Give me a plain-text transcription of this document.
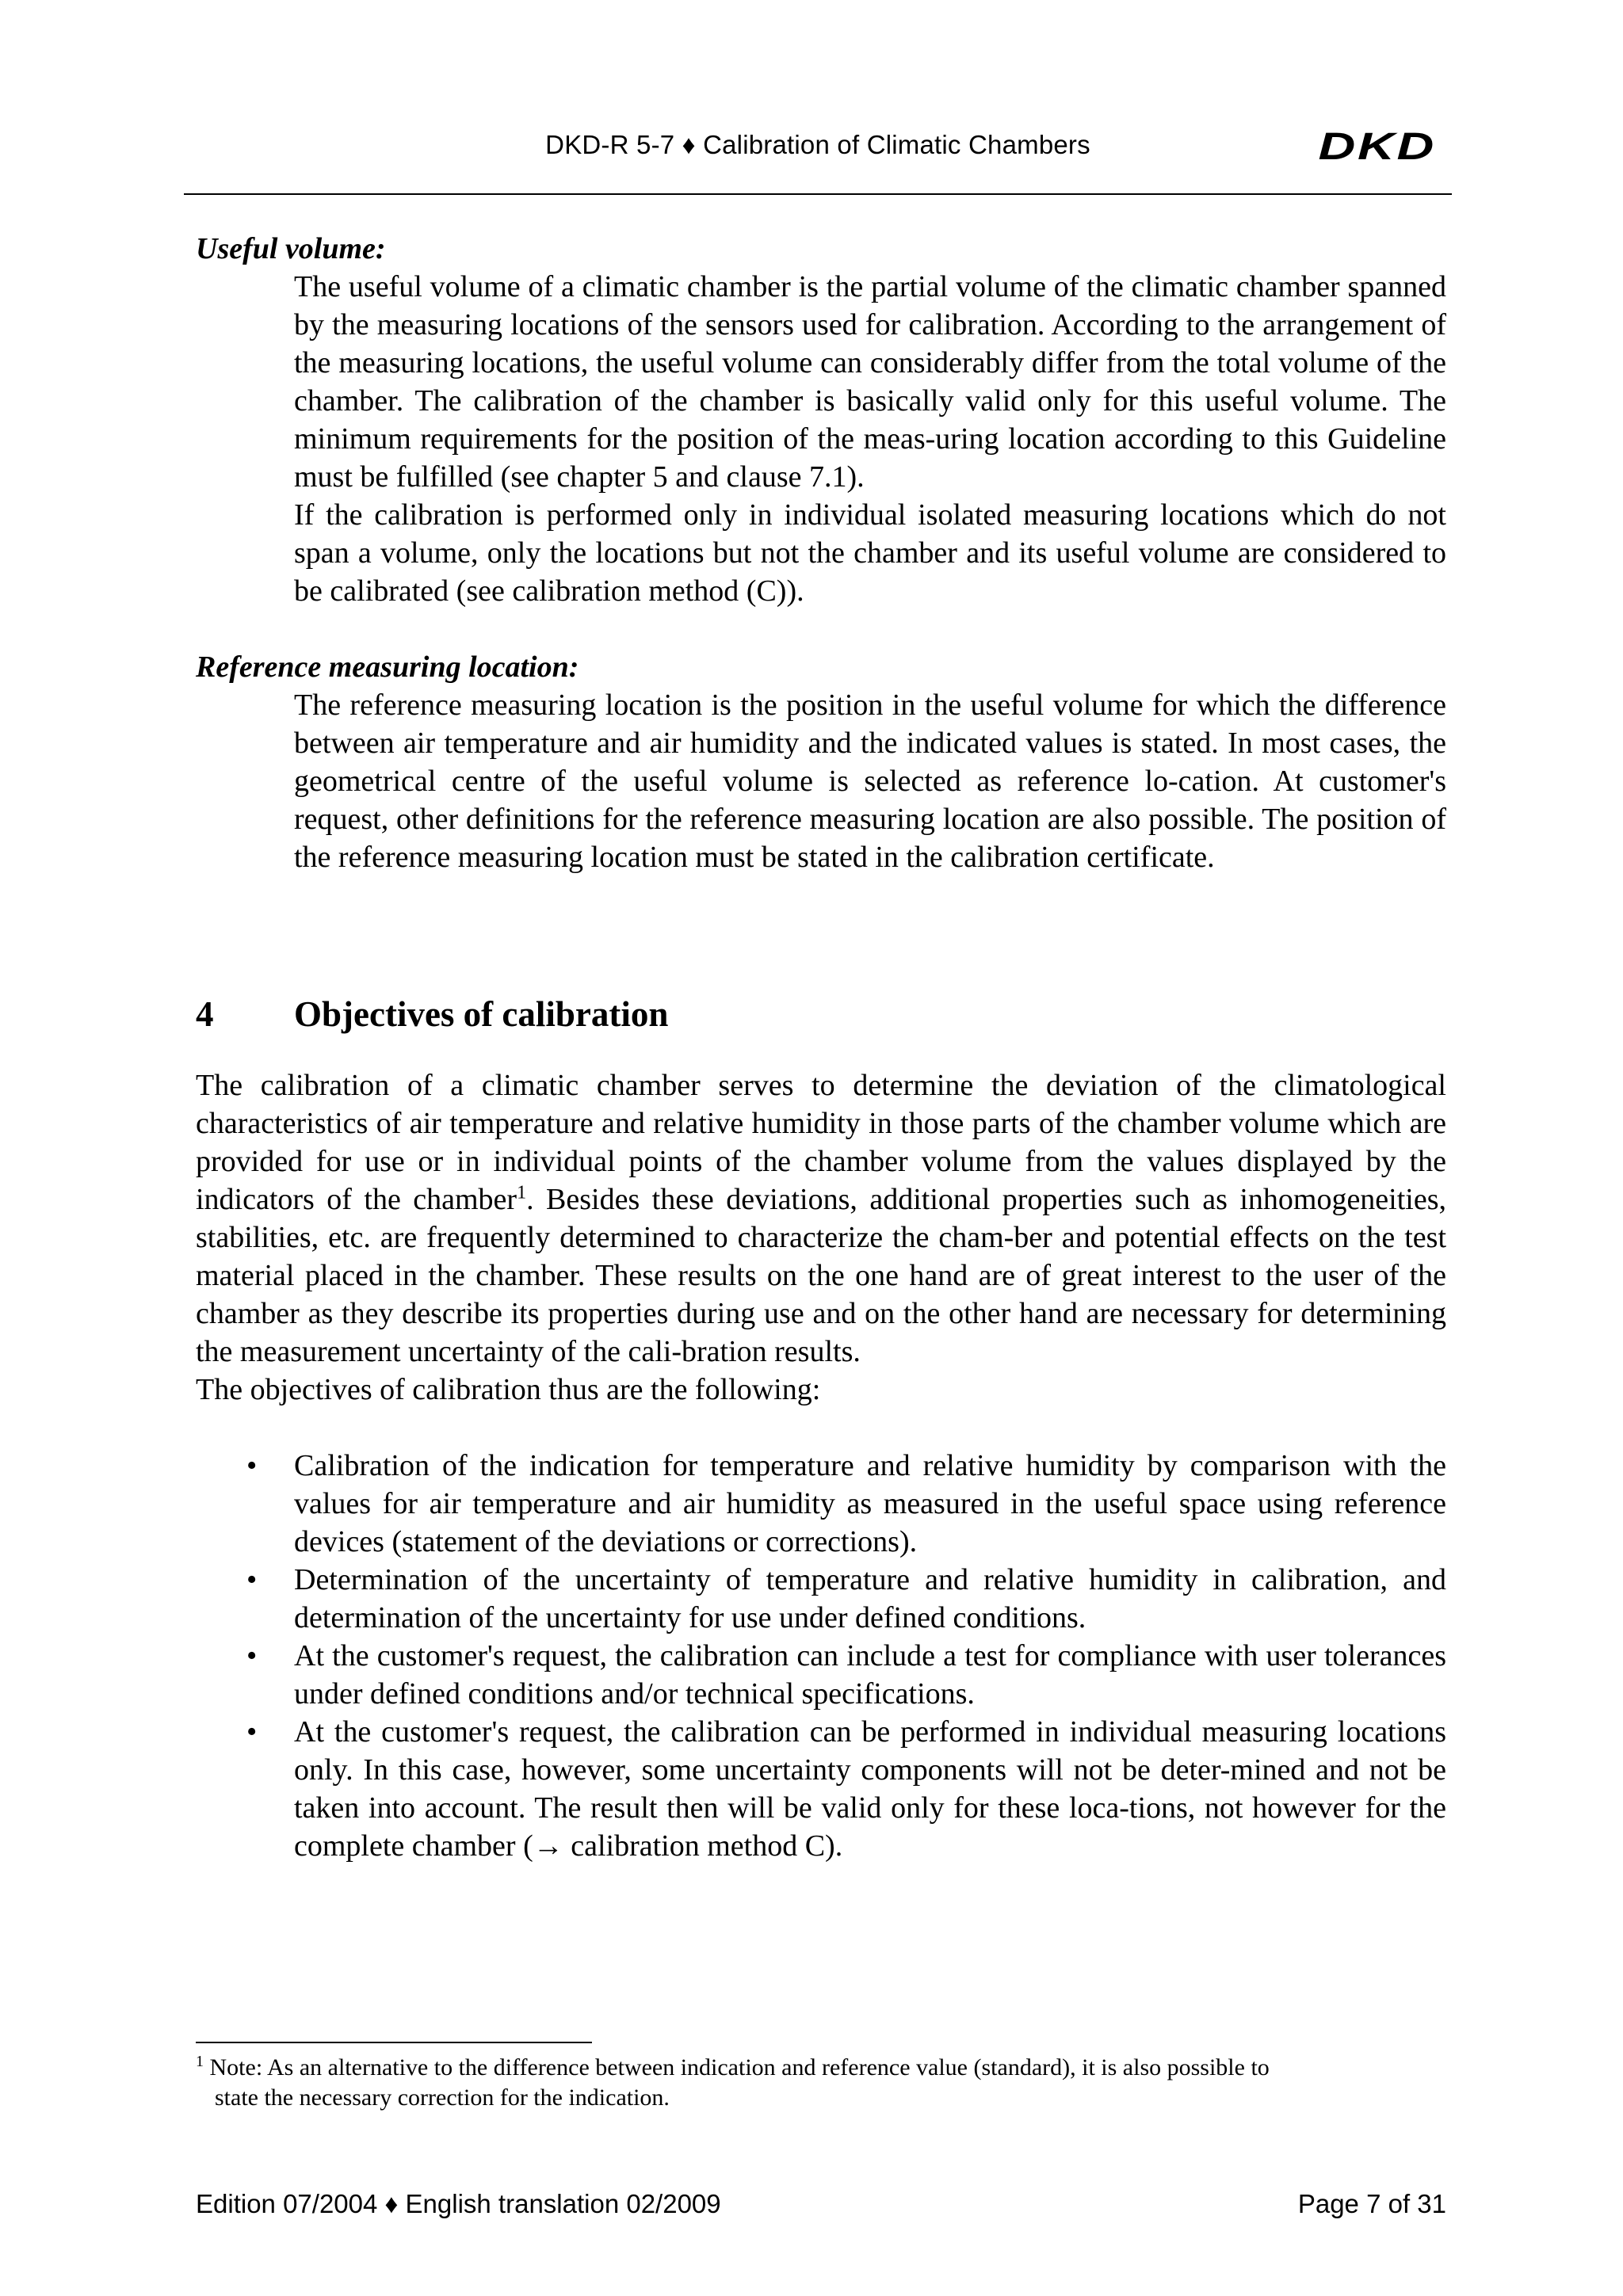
DKD-R 5-7 ♦ Calibration of Climatic Chambers	DKD

Useful volume:

The useful volume of a climatic chamber is the partial volume of the climatic chamber spanned by the measuring locations of the sensors used for calibration. According to the arrangement of the measuring locations, the useful volume can considerably differ from the total volume of the chamber. The calibration of the chamber is basically valid only for this useful volume. The minimum requirements for the position of the meas-uring location according to this Guideline must be fulfilled (see chapter 5 and clause 7.1).

If the calibration is performed only in individual isolated measuring locations which do not span a volume, only the locations but not the chamber and its useful volume are considered to be calibrated (see calibration method (C)).

Reference measuring location:

The reference measuring location is the position in the useful volume for which the difference between air temperature and air humidity and the indicated values is stated. In most cases, the geometrical centre of the useful volume is selected as reference lo-cation. At customer's request, other definitions for the reference measuring location are also possible. The position of the reference measuring location must be stated in the calibration certificate.

4	Objectives of calibration

The calibration of a climatic chamber serves to determine the deviation of the climatological characteristics of air temperature and relative humidity in those parts of the chamber volume which are provided for use or in individual points of the chamber volume from the values displayed by the indicators of the chamber$^1$. Besides these deviations, additional properties such as inhomogeneities, stabilities, etc. are frequently determined to characterize the cham-ber and potential effects on the test material placed in the chamber. These results on the one hand are of great interest to the user of the chamber as they describe its properties during use and on the other hand are necessary for determining the measurement uncertainty of the cali-bration results.

The objectives of calibration thus are the following:

• Calibration of the indication for temperature and relative humidity by comparison with the values for air temperature and air humidity as measured in the useful space using reference devices (statement of the deviations or corrections).
• Determination of the uncertainty of temperature and relative humidity in calibration, and determination of the uncertainty for use under defined conditions.
• At the customer's request, the calibration can include a test for compliance with user tolerances under defined conditions and/or technical specifications.
• At the customer's request, the calibration can be performed in individual measuring locations only. In this case, however, some uncertainty components will not be deter-mined and not be taken into account. The result then will be valid only for these loca-tions, not however for the complete chamber (→ calibration method C).
$^1$ Note: As an alternative to the difference between indication and reference value (standard), it is also possible to
state the necessary correction for the indication.
Edition 07/2004 ♦ English translation 02/2009	Page 7 of 31
